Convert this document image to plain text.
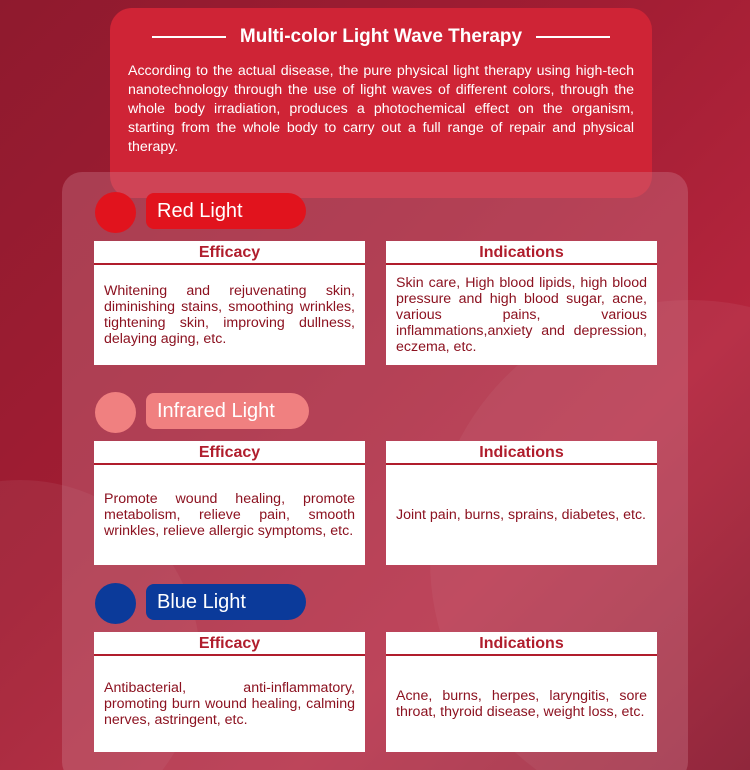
Multi-color Light Wave Therapy

According to the actual disease, the pure physical light therapy using high-tech nanotechnology through the use of light waves of different colors, through the whole body irradiation, produces a photochemical effect on the organism, starting from the whole body to carry out a full range of repair and physical therapy.

Red Light
Efficacy
Whitening and rejuvenating skin, diminishing stains, smoothing wrinkles, tightening skin, improving dullness, delaying aging, etc.
Indications
Skin care, High blood lipids, high blood pressure and high blood sugar, acne, various pains, various inflammations,anxiety and depression, eczema, etc.
Infrared Light
Efficacy
Promote wound healing, promote metabolism, relieve pain, smooth wrinkles, relieve allergic symptoms, etc.
Indications
Joint pain, burns, sprains, diabetes, etc.
Blue Light
Efficacy
Antibacterial, anti-inflammatory, promoting burn wound healing, calming nerves, astringent, etc.
Indications
Acne, burns, herpes, laryngitis, sore throat, thyroid disease, weight loss, etc.
